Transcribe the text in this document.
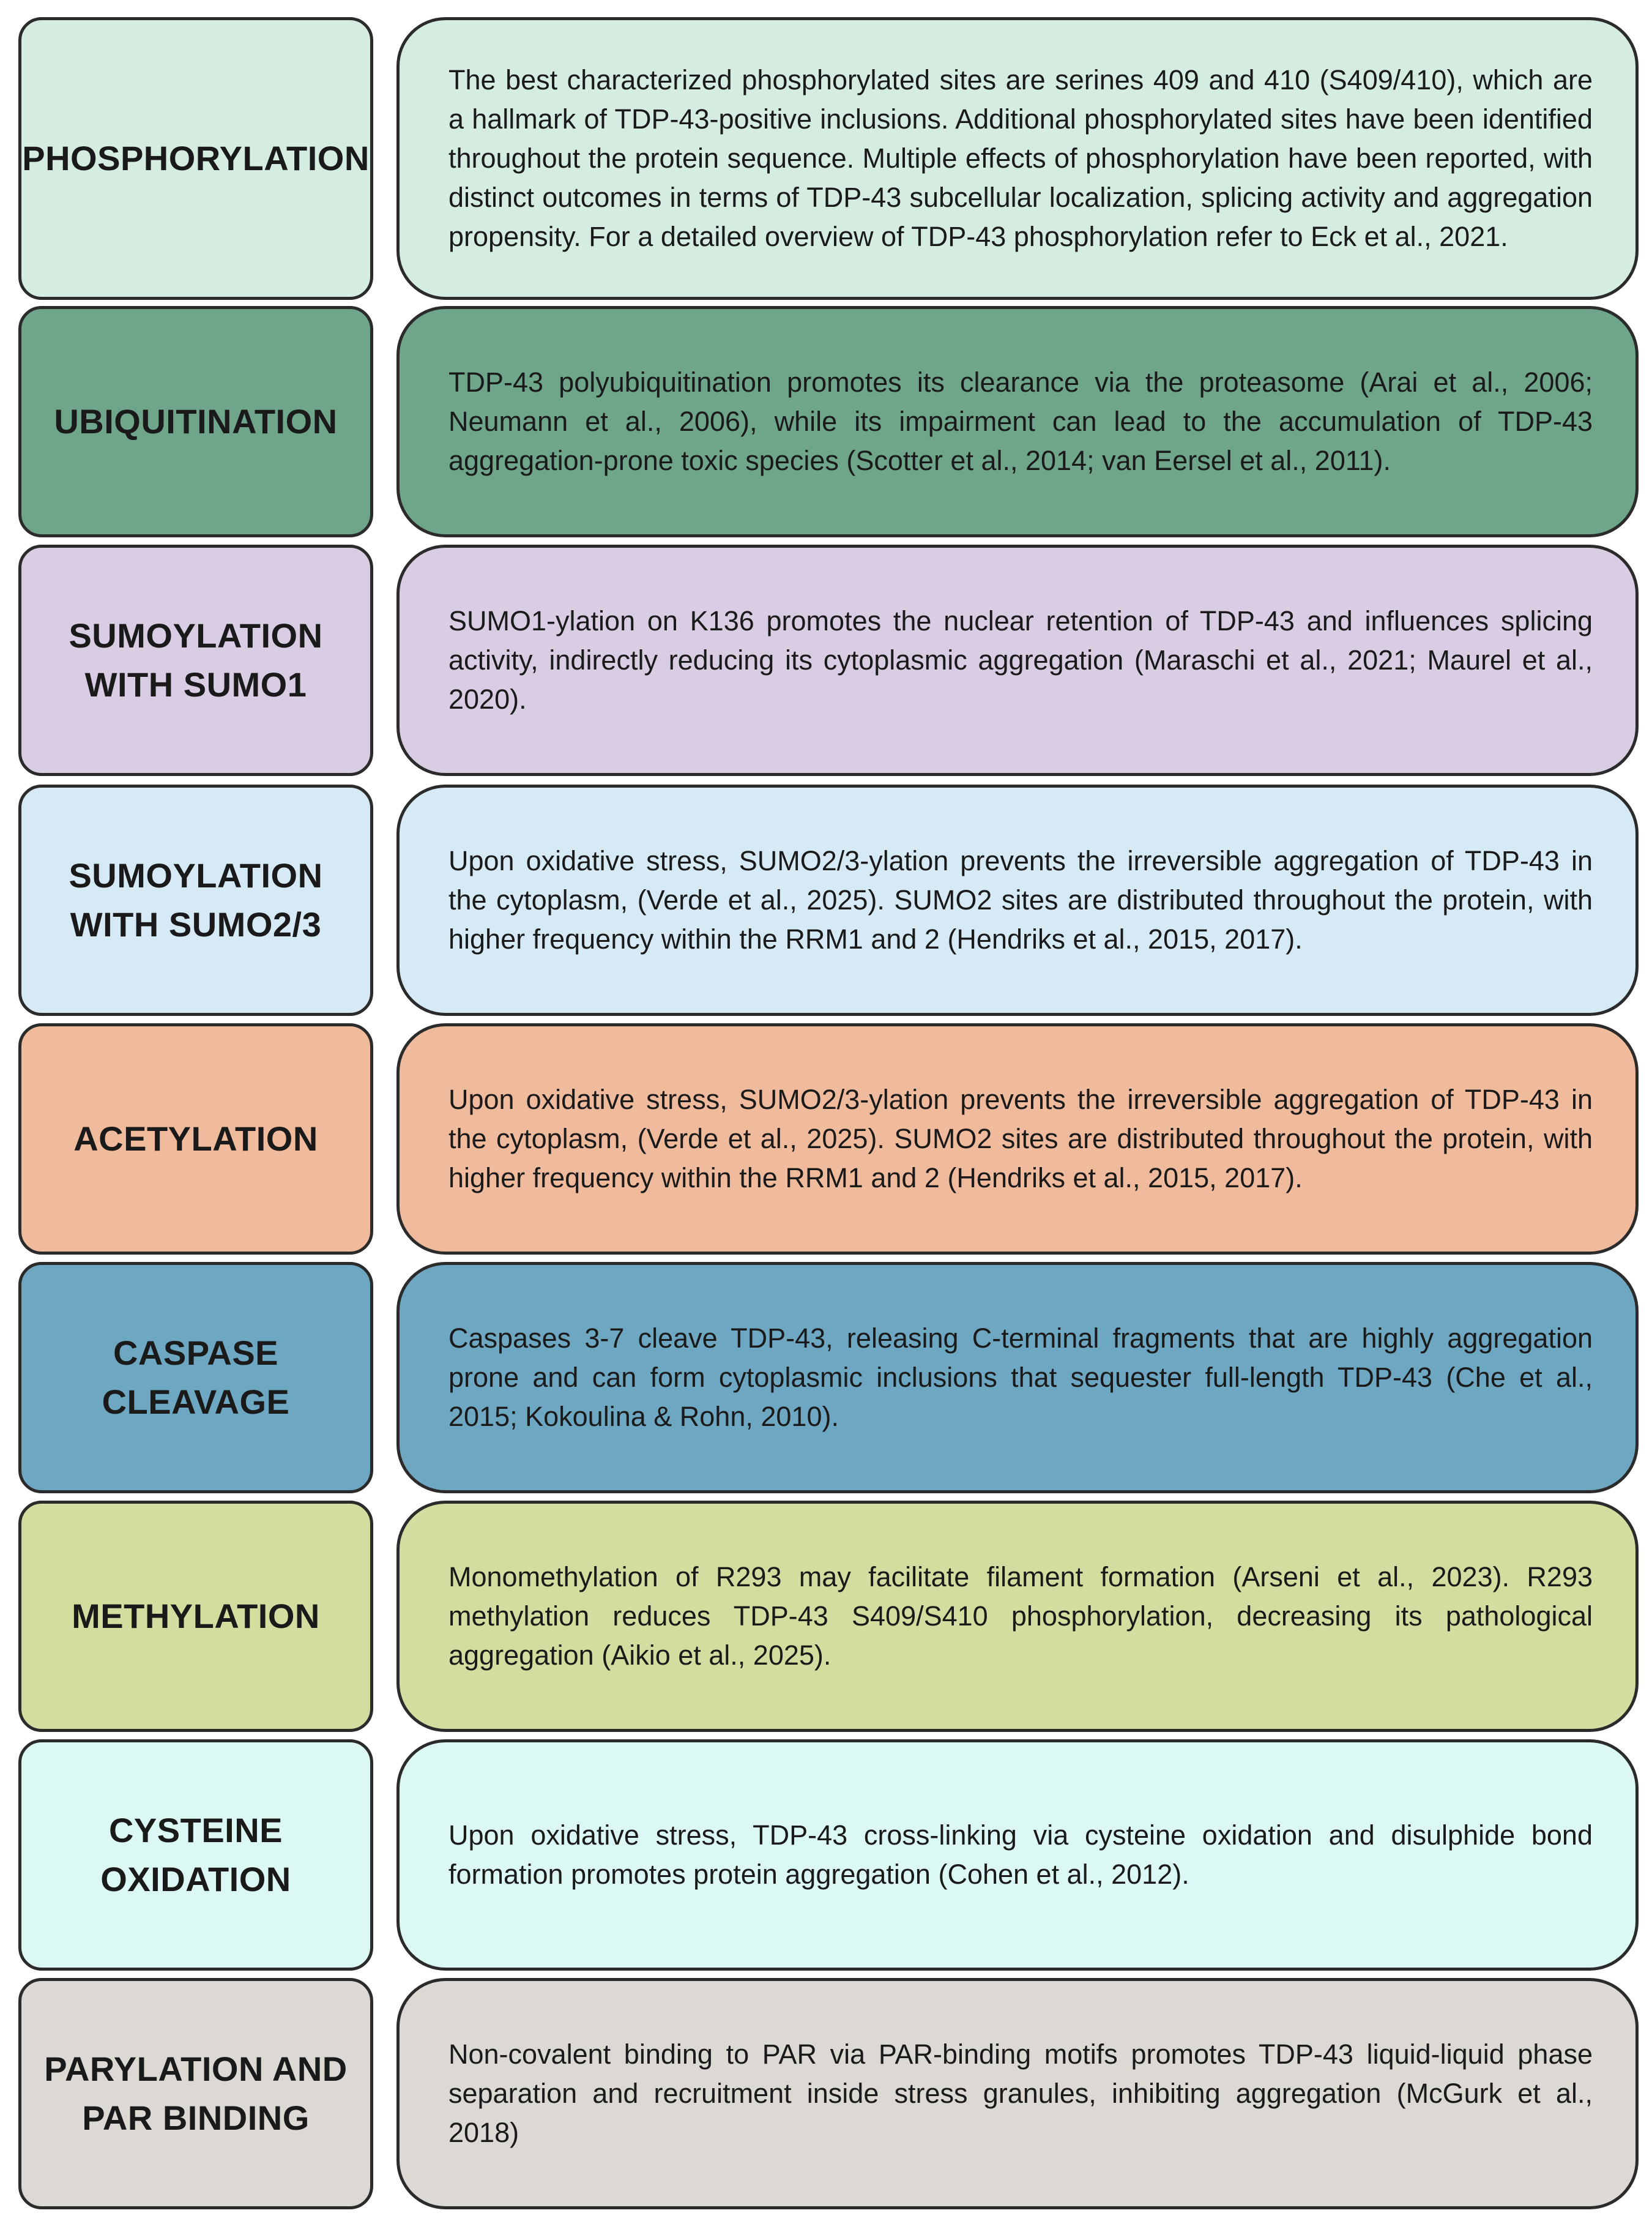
PHOSPHORYLATION
The best characterized phosphorylated sites are serines 409 and 410 (S409/410), which are a hallmark of TDP-43-positive inclusions. Additional phosphorylated sites have been identified throughout the protein sequence. Multiple effects of phosphorylation have been reported, with distinct outcomes in terms of TDP-43 subcellular localization, splicing activity and aggregation propensity. For a detailed overview of TDP-43 phosphorylation refer to Eck et al., 2021.
UBIQUITINATION
TDP-43 polyubiquitination promotes its clearance via the proteasome (Arai et al., 2006; Neumann et al., 2006), while its impairment can lead to the accumulation of TDP-43 aggregation-prone toxic species (Scotter et al., 2014; van Eersel et al., 2011).
SUMOYLATION
WITH SUMO1
SUMO1-ylation on K136 promotes the nuclear retention of TDP-43 and influences splicing activity, indirectly reducing its cytoplasmic aggregation (Maraschi et al., 2021; Maurel et al., 2020).
SUMOYLATION
WITH SUMO2/3
Upon oxidative stress, SUMO2/3-ylation prevents the irreversible aggregation of TDP-43 in the cytoplasm, (Verde et al., 2025). SUMO2 sites are distributed throughout the protein, with higher frequency within the RRM1 and 2 (Hendriks et al., 2015, 2017).
ACETYLATION
Upon oxidative stress, SUMO2/3-ylation prevents the irreversible aggregation of TDP-43 in the cytoplasm, (Verde et al., 2025). SUMO2 sites are distributed throughout the protein, with higher frequency within the RRM1 and 2 (Hendriks et al., 2015, 2017).
CASPASE
CLEAVAGE
Caspases 3-7 cleave TDP-43, releasing C-terminal fragments that are highly aggregation prone and can form cytoplasmic inclusions that sequester full-length TDP-43 (Che et al., 2015; Kokoulina & Rohn, 2010).
METHYLATION
Monomethylation of R293 may facilitate filament formation (Arseni et al., 2023). R293 methylation reduces TDP-43 S409/S410 phosphorylation, decreasing its pathological aggregation (Aikio et al., 2025).
CYSTEINE
OXIDATION
Upon oxidative stress, TDP-43 cross-linking via cysteine oxidation and disulphide bond formation promotes protein aggregation (Cohen et al., 2012).
PARYLATION AND
PAR BINDING
Non-covalent binding to PAR via PAR-binding motifs promotes TDP-43 liquid-liquid phase separation and recruitment inside stress granules, inhibiting aggregation (McGurk et al., 2018)
